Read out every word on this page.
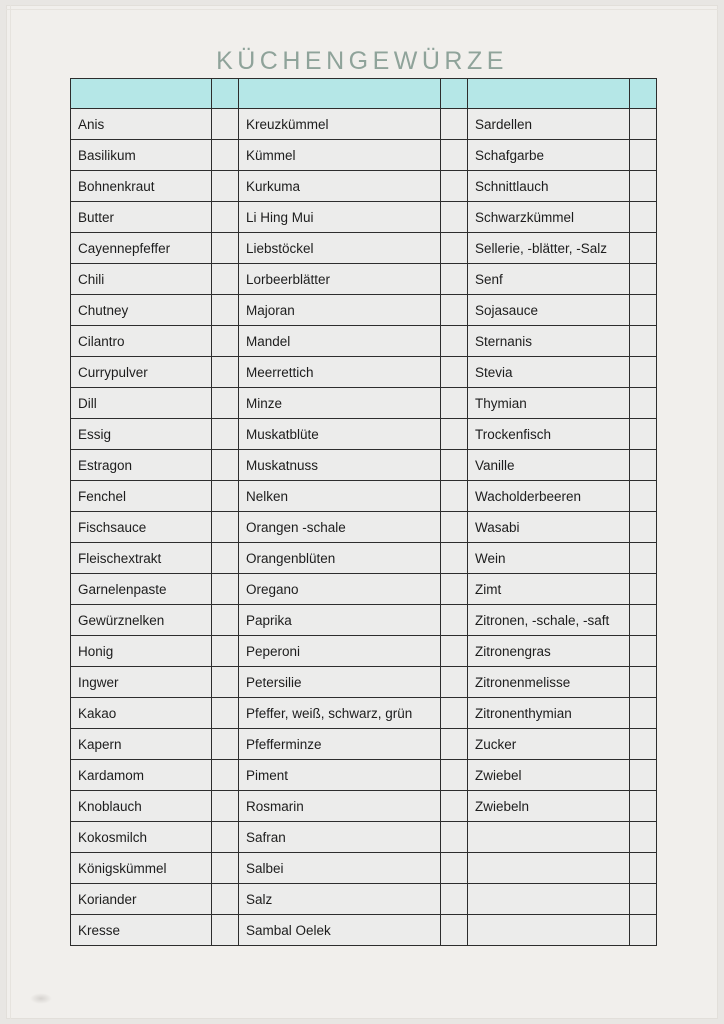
KÜCHENGEWÜRZE

Anis		Kreuzkümmel		Sardellen	
Basilikum		Kümmel		Schafgarbe	
Bohnenkraut		Kurkuma		Schnittlauch	
Butter		Li Hing Mui		Schwarzkümmel	
Cayennepfeffer		Liebstöckel		Sellerie, -blätter, -Salz	
Chili		Lorbeerblätter		Senf	
Chutney		Majoran		Sojasauce	
Cilantro		Mandel		Sternanis	
Currypulver		Meerrettich		Stevia	
Dill		Minze		Thymian	
Essig		Muskatblüte		Trockenfisch	
Estragon		Muskatnuss		Vanille	
Fenchel		Nelken		Wacholderbeeren	
Fischsauce		Orangen -schale		Wasabi	
Fleischextrakt		Orangenblüten		Wein	
Garnelenpaste		Oregano		Zimt	
Gewürznelken		Paprika		Zitronen, -schale, -saft	
Honig		Peperoni		Zitronengras	
Ingwer		Petersilie		Zitronenmelisse	
Kakao		Pfeffer, weiß, schwarz, grün		Zitronenthymian	
Kapern		Pfefferminze		Zucker	
Kardamom		Piment		Zwiebel	
Knoblauch		Rosmarin		Zwiebeln	
Kokosmilch		Safran			
Königskümmel		Salbei			
Koriander		Salz			
Kresse		Sambal Oelek			
